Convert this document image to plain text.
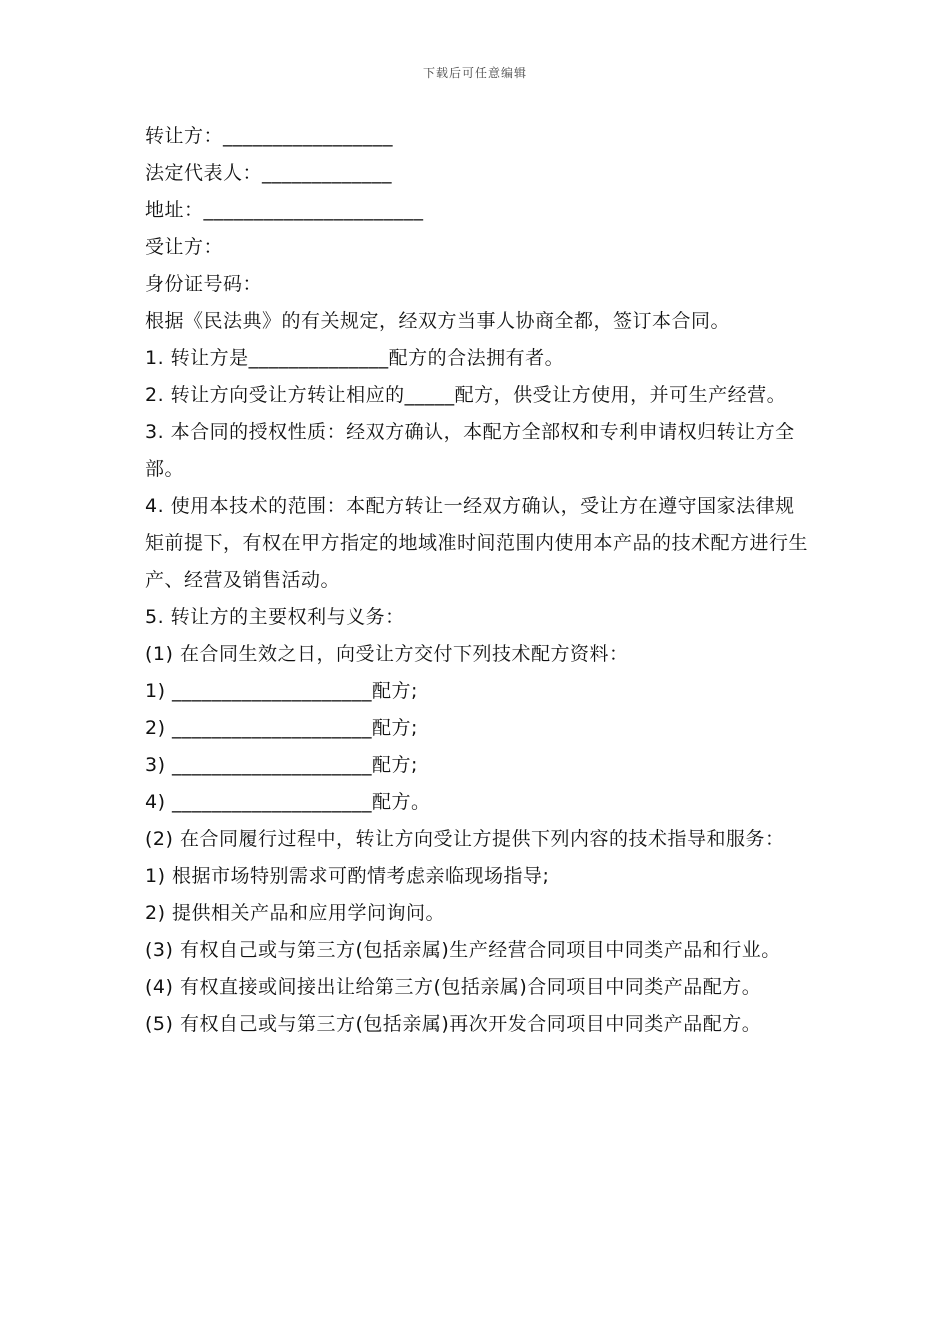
下载后可任意编辑
转让方：_________________
法定代表人：_____________
地址：______________________
受让方：
身份证号码：
根据《民法典》的有关规定，经双方当事人协商全都，签订本合同。
1. 转让方是______________配方的合法拥有者。
2. 转让方向受让方转让相应的_____配方，供受让方使用，并可生产经营。
3. 本合同的授权性质：经双方确认，本配方全部权和专利申请权归转让方全部。
4. 使用本技术的范围：本配方转让一经双方确认，受让方在遵守国家法律规矩前提下，有权在甲方指定的地域准时间范围内使用本产品的技术配方进行生产、经营及销售活动。
5. 转让方的主要权利与义务：
(1) 在合同生效之日，向受让方交付下列技术配方资料：
1) ____________________配方;
2) ____________________配方;
3) ____________________配方;
4) ____________________配方。
(2) 在合同履行过程中，转让方向受让方提供下列内容的技术指导和服务：
1) 根据市场特别需求可酌情考虑亲临现场指导;
2) 提供相关产品和应用学问询问。
(3) 有权自己或与第三方(包括亲属)生产经营合同项目中同类产品和行业。
(4) 有权直接或间接出让给第三方(包括亲属)合同项目中同类产品配方。
(5) 有权自己或与第三方(包括亲属)再次开发合同项目中同类产品配方。
